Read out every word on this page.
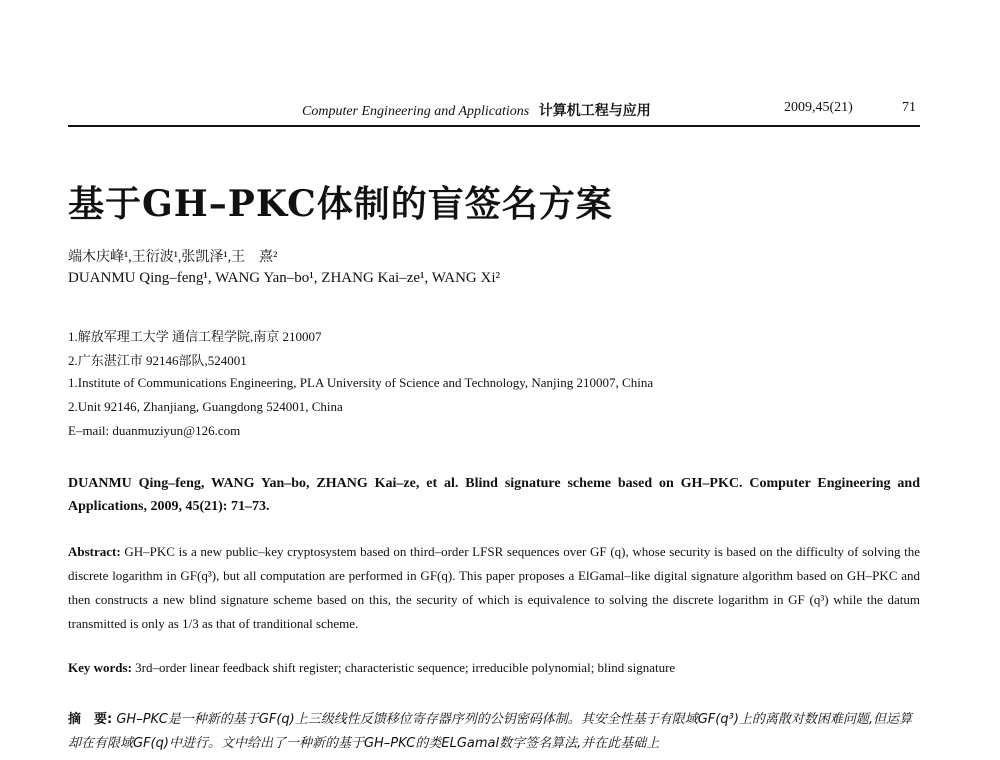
Computer Engineering and Applications 计算机工程与应用	2009,45(21)	71
基于GH–PKC体制的盲签名方案
端木庆峰¹,王衍波¹,张凯泽¹,王　熹²
DUANMU Qing–feng¹, WANG Yan–bo¹, ZHANG Kai–ze¹, WANG Xi²
1.解放军理工大学 通信工程学院,南京 210007
2.广东湛江市 92146部队,524001
1.Institute of Communications Engineering, PLA University of Science and Technology, Nanjing 210007, China
2.Unit 92146, Zhanjiang, Guangdong 524001, China
E–mail: duanmuziyun@126.com
DUANMU Qing–feng, WANG Yan–bo, ZHANG Kai–ze, et al. Blind signature scheme based on GH–PKC. Computer Engineering and Applications, 2009, 45(21): 71–73.
Abstract: GH–PKC is a new public–key cryptosystem based on third–order LFSR sequences over GF (q), whose security is based on the difficulty of solving the discrete logarithm in GF(q³), but all computation are performed in GF(q). This paper proposes a ElGamal–like digital signature algorithm based on GH–PKC and then constructs a new blind signature scheme based on this, the security of which is equivalence to solving the discrete logarithm in GF (q³) while the datum transmitted is only as 1/3 as that of tranditional scheme.
Key words: 3rd–order linear feedback shift register; characteristic sequence; irreducible polynomial; blind signature
摘　要: GH–PKC是一种新的基于GF(q)上三级线性反馈移位寄存器序列的公钥密码体制。其安全性基于有限域GF(q³)上的离散对数困难问题,但运算却在有限域GF(q)中进行。文中给出了一种新的基于GH–PKC的类ELGamal数字签名算法,并在此基础上
